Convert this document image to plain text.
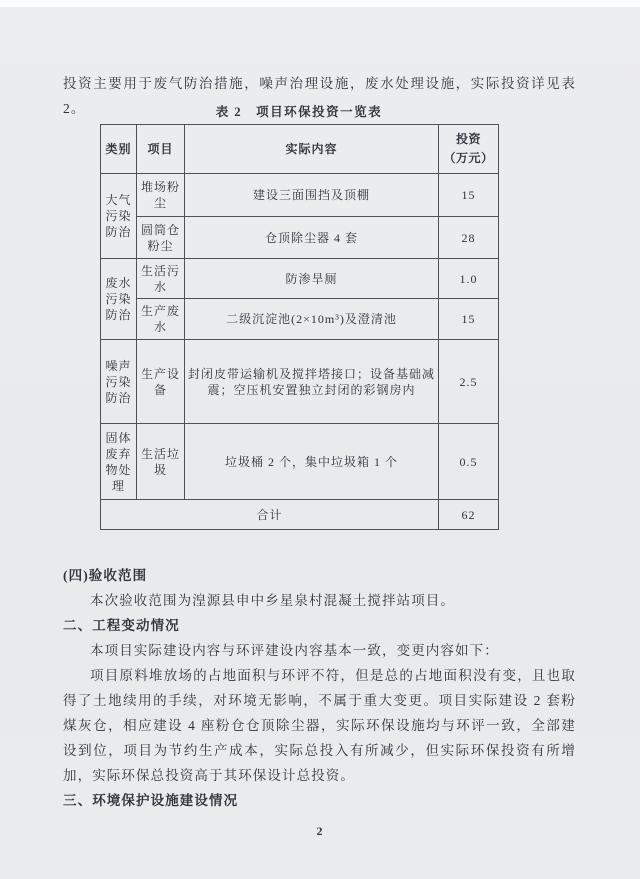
投资主要用于废气防治措施，噪声治理设施，废水处理设施，实际投资详见表 2。	表 2　项目环保投资一览表
类别	项目	实际内容	投资
（万元）

大气污染防治	堆场粉尘	建设三面围挡及顶棚	15
	圆筒仓粉尘	仓顶除尘器 4 套	28
废水污染防治	生活污水	防渗旱厕	1.0
	生产废水	二级沉淀池(2×10m³)及澄清池	15
噪声污染防治	生产设备	封闭皮带运输机及搅拌塔接口；设备基础减震；空压机安置独立封闭的彩钢房内	2.5
固体废弃物处理	生活垃圾	垃圾桶 2 个，集中垃圾箱 1 个	0.5
合计			62

(四)验收范围

本次验收范围为湟源县申中乡星泉村混凝土搅拌站项目。

二、工程变动情况

本项目实际建设内容与环评建设内容基本一致，变更内容如下：

项目原料堆放场的占地面积与环评不符，但是总的占地面积没有变，且也取得了土地续用的手续，对环境无影响，不属于重大变更。项目实际建设 2 套粉煤灰仓，相应建设 4 座粉仓仓顶除尘器，实际环保设施均与环评一致，全部建设到位，项目为节约生产成本，实际总投入有所减少，但实际环保投资有所增加，实际环保总投资高于其环保设计总投资。

三、环境保护设施建设情况

2
